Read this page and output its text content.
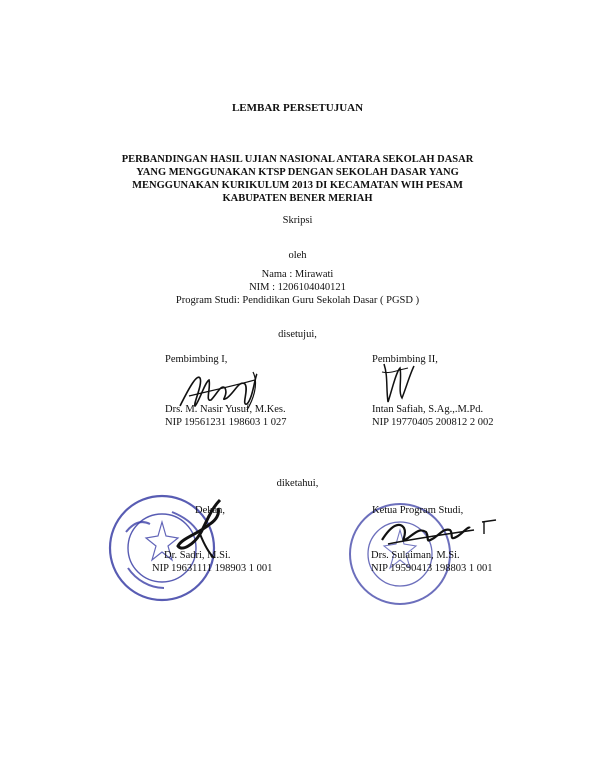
LEMBAR PERSETUJUAN
PERBANDINGAN HASIL UJIAN NASIONAL ANTARA SEKOLAH DASAR
YANG MENGGUNAKAN KTSP DENGAN SEKOLAH DASAR YANG
MENGGUNAKAN KURIKULUM 2013 DI KECAMATAN WIH PESAM
KABUPATEN BENER MERIAH
Skripsi
oleh
Nama : Mirawati
NIM : 1206104040121
Program Studi: Pendidikan Guru Sekolah Dasar ( PGSD )
disetujui,
Pembimbing I,
Drs. M. Nasir Yusuf, M.Kes.
NIP 19561231 198603 1 027
Pembimbing II,
Intan Safiah, S.Ag.,.M.Pd.
NIP 19770405 200812 2 002
diketahui,
Dekan,
Dr. Sadri, M.Si.
NIP 19631111 198903 1 001
Ketua Program Studi,
Drs. Sulaiman, M.Si.
NIP 19590413 198803 1 001
